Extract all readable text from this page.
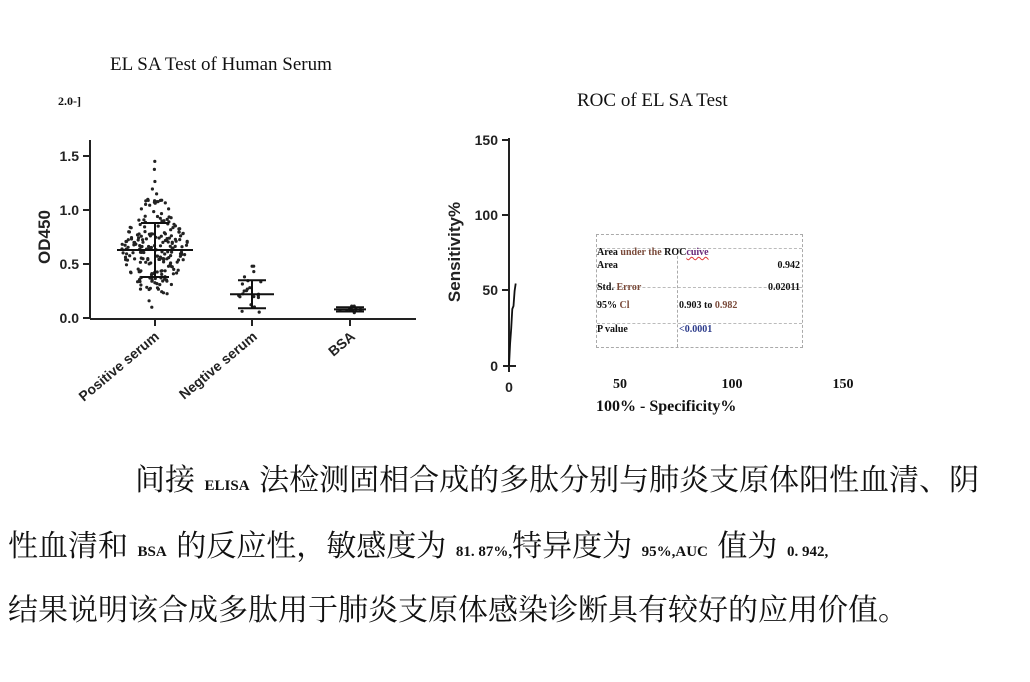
EL SA Test of Human Serum
2.0-]
OD450
1.5
1.0
0.5
0.0
Positive serum Negtive serum	BSA
ROC of EL SA Test
Sensitivity%
150
100
50
0
0	50	100	150
Area under the ROCcuive
Area	0.942
Std. Error	0.02011
95% Cl	0.903 to 0.982
P value	<0.0001
100% - Specificity%
间接 ELISA 法检测固相合成的多肽分别与肺炎支原体阳性血清、阴
性血清和 BSA 的反应性，敏感度为 81. 87%,特异度为 95%,AUC 值为 0. 942,
结果说明该合成多肽用于肺炎支原体感染诊断具有较好的应用价值。
